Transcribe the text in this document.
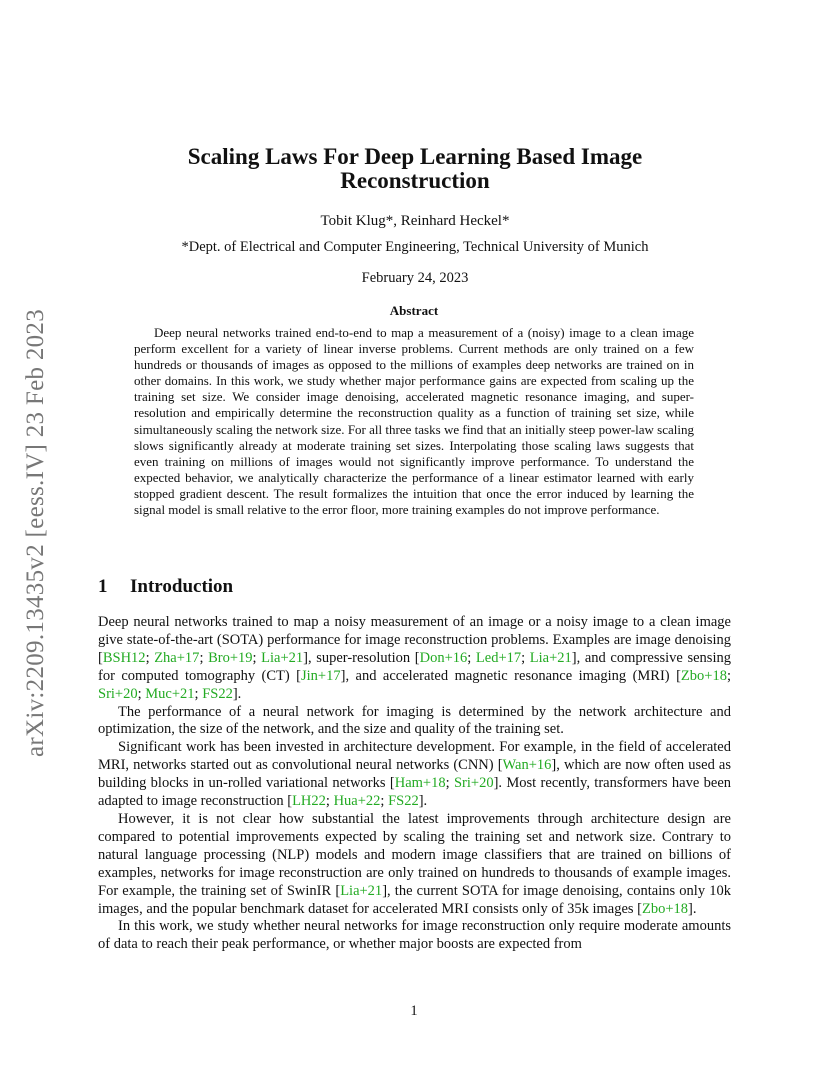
arXiv:2209.13435v2 [eess.IV] 23 Feb 2023
Scaling Laws For Deep Learning Based Image
Reconstruction
Tobit Klug*, Reinhard Heckel*
*Dept. of Electrical and Computer Engineering, Technical University of Munich
February 24, 2023
Abstract

Deep neural networks trained end-to-end to map a measurement of a (noisy) image to a clean image perform excellent for a variety of linear inverse problems. Current methods are only trained on a few hundreds or thousands of images as opposed to the millions of examples deep networks are trained on in other domains. In this work, we study whether major performance gains are expected from scaling up the training set size. We consider image denoising, accelerated magnetic resonance imaging, and super-resolution and empirically determine the reconstruction quality as a function of training set size, while simultaneously scaling the network size. For all three tasks we find that an initially steep power-law scaling slows significantly already at moderate training set sizes. Interpolating those scaling laws suggests that even training on millions of images would not significantly improve performance. To understand the expected behavior, we analytically characterize the performance of a linear estimator learned with early stopped gradient descent. The result formalizes the intuition that once the error induced by learning the signal model is small relative to the error floor, more training examples do not improve performance.

1 Introduction

Deep neural networks trained to map a noisy measurement of an image or a noisy image to a clean image give state-of-the-art (SOTA) performance for image reconstruction problems. Examples are image denoising [BSH12; Zha+17; Bro+19; Lia+21], super-resolution [Don+16; Led+17; Lia+21], and compressive sensing for computed tomography (CT) [Jin+17], and accelerated magnetic resonance imaging (MRI) [Zbo+18; Sri+20; Muc+21; FS22].

The performance of a neural network for imaging is determined by the network architecture and optimization, the size of the network, and the size and quality of the training set.

Significant work has been invested in architecture development. For example, in the field of accelerated MRI, networks started out as convolutional neural networks (CNN) [Wan+16], which are now often used as building blocks in un-rolled variational networks [Ham+18; Sri+20]. Most recently, transformers have been adapted to image reconstruction [LH22; Hua+22; FS22].

However, it is not clear how substantial the latest improvements through architecture design are compared to potential improvements expected by scaling the training set and network size. Contrary to natural language processing (NLP) models and modern image classifiers that are trained on billions of examples, networks for image reconstruction are only trained on hundreds to thousands of example images. For example, the training set of SwinIR [Lia+21], the current SOTA for image denoising, contains only 10k images, and the popular benchmark dataset for accelerated MRI consists only of 35k images [Zbo+18].

In this work, we study whether neural networks for image reconstruction only require moderate amounts of data to reach their peak performance, or whether major boosts are expected from

1
